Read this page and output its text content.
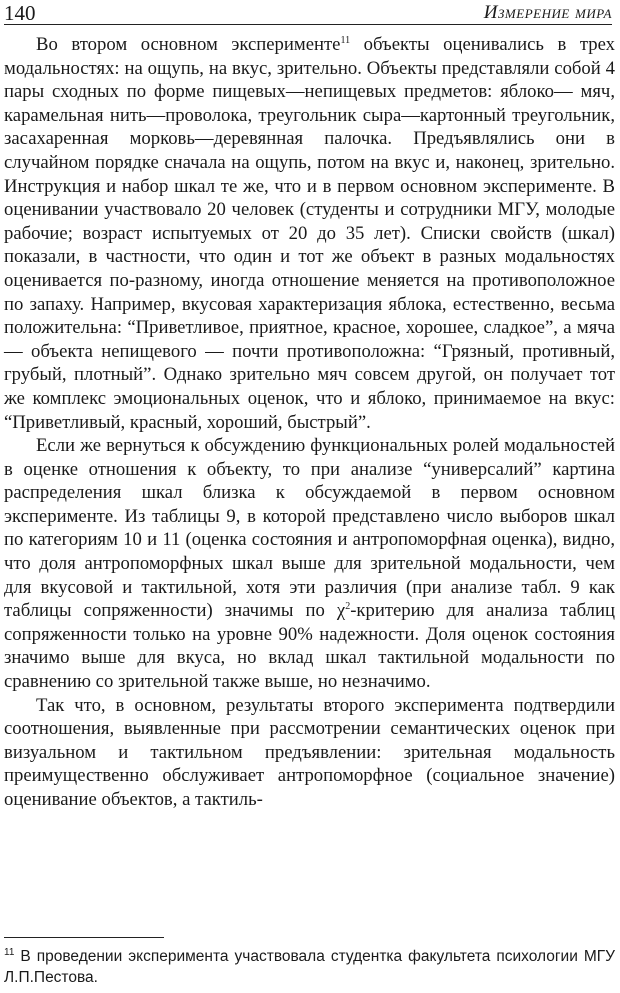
140	Измерение мира

Во втором основном эксперименте$^{11}$ объекты оценивались в трех модальностях: на ощупь, на вкус, зрительно. Объекты представляли собой 4 пары сходных по форме пищевых—непищевых предметов: яблоко— мяч, карамельная нить—проволока, треугольник сыра—картонный треугольник, засахаренная морковь—деревянная палочка. Предъявлялись они в случайном порядке сначала на ощупь, потом на вкус и, наконец, зрительно. Инструкция и набор шкал те же, что и в первом основном эксперименте. В оценивании участвовало 20 человек (студенты и сотрудники МГУ, молодые рабочие; возраст испытуемых от 20 до 35 лет). Списки свойств (шкал) показали, в частности, что один и тот же объект в разных модальностях оценивается по-разному, иногда отношение меняется на противоположное по запаху. Например, вкусовая характеризация яблока, естественно, весьма положительна: “Приветливое, приятное, красное, хорошее, сладкое”, а мяча — объекта непищевого — почти противоположна: “Грязный, противный, грубый, плотный”. Однако зрительно мяч совсем другой, он получает тот же комплекс эмоциональных оценок, что и яблоко, принимаемое на вкус: “Приветливый, красный, хороший, быстрый”.

Если же вернуться к обсуждению функциональных ролей модальностей в оценке отношения к объекту, то при анализе “универсалий” картина распределения шкал близка к обсуждаемой в первом основном эксперименте. Из таблицы 9, в которой представлено число выборов шкал по категориям 10 и 11 (оценка состояния и антропоморфная оценка), видно, что доля антропоморфных шкал выше для зрительной модальности, чем для вкусовой и тактильной, хотя эти различия (при анализе табл. 9 как таблицы сопряженности) значимы по $\chi^2$-критерию для анализа таблиц сопряженности только на уровне 90% надежности. Доля оценок состояния значимо выше для вкуса, но вклад шкал тактильной модальности по сравнению со зрительной также выше, но незначимо.

Так что, в основном, результаты второго эксперимента подтвердили соотношения, выявленные при рассмотрении семантических оценок при визуальном и тактильном предъявлении: зрительная модальность преимущественно обслуживает антропоморфное (социальное значение) оценивание объектов, а тактиль-

$^{11}$ В проведении эксперимента участвовала студентка факультета психологии МГУ Л.П.Пестова.
